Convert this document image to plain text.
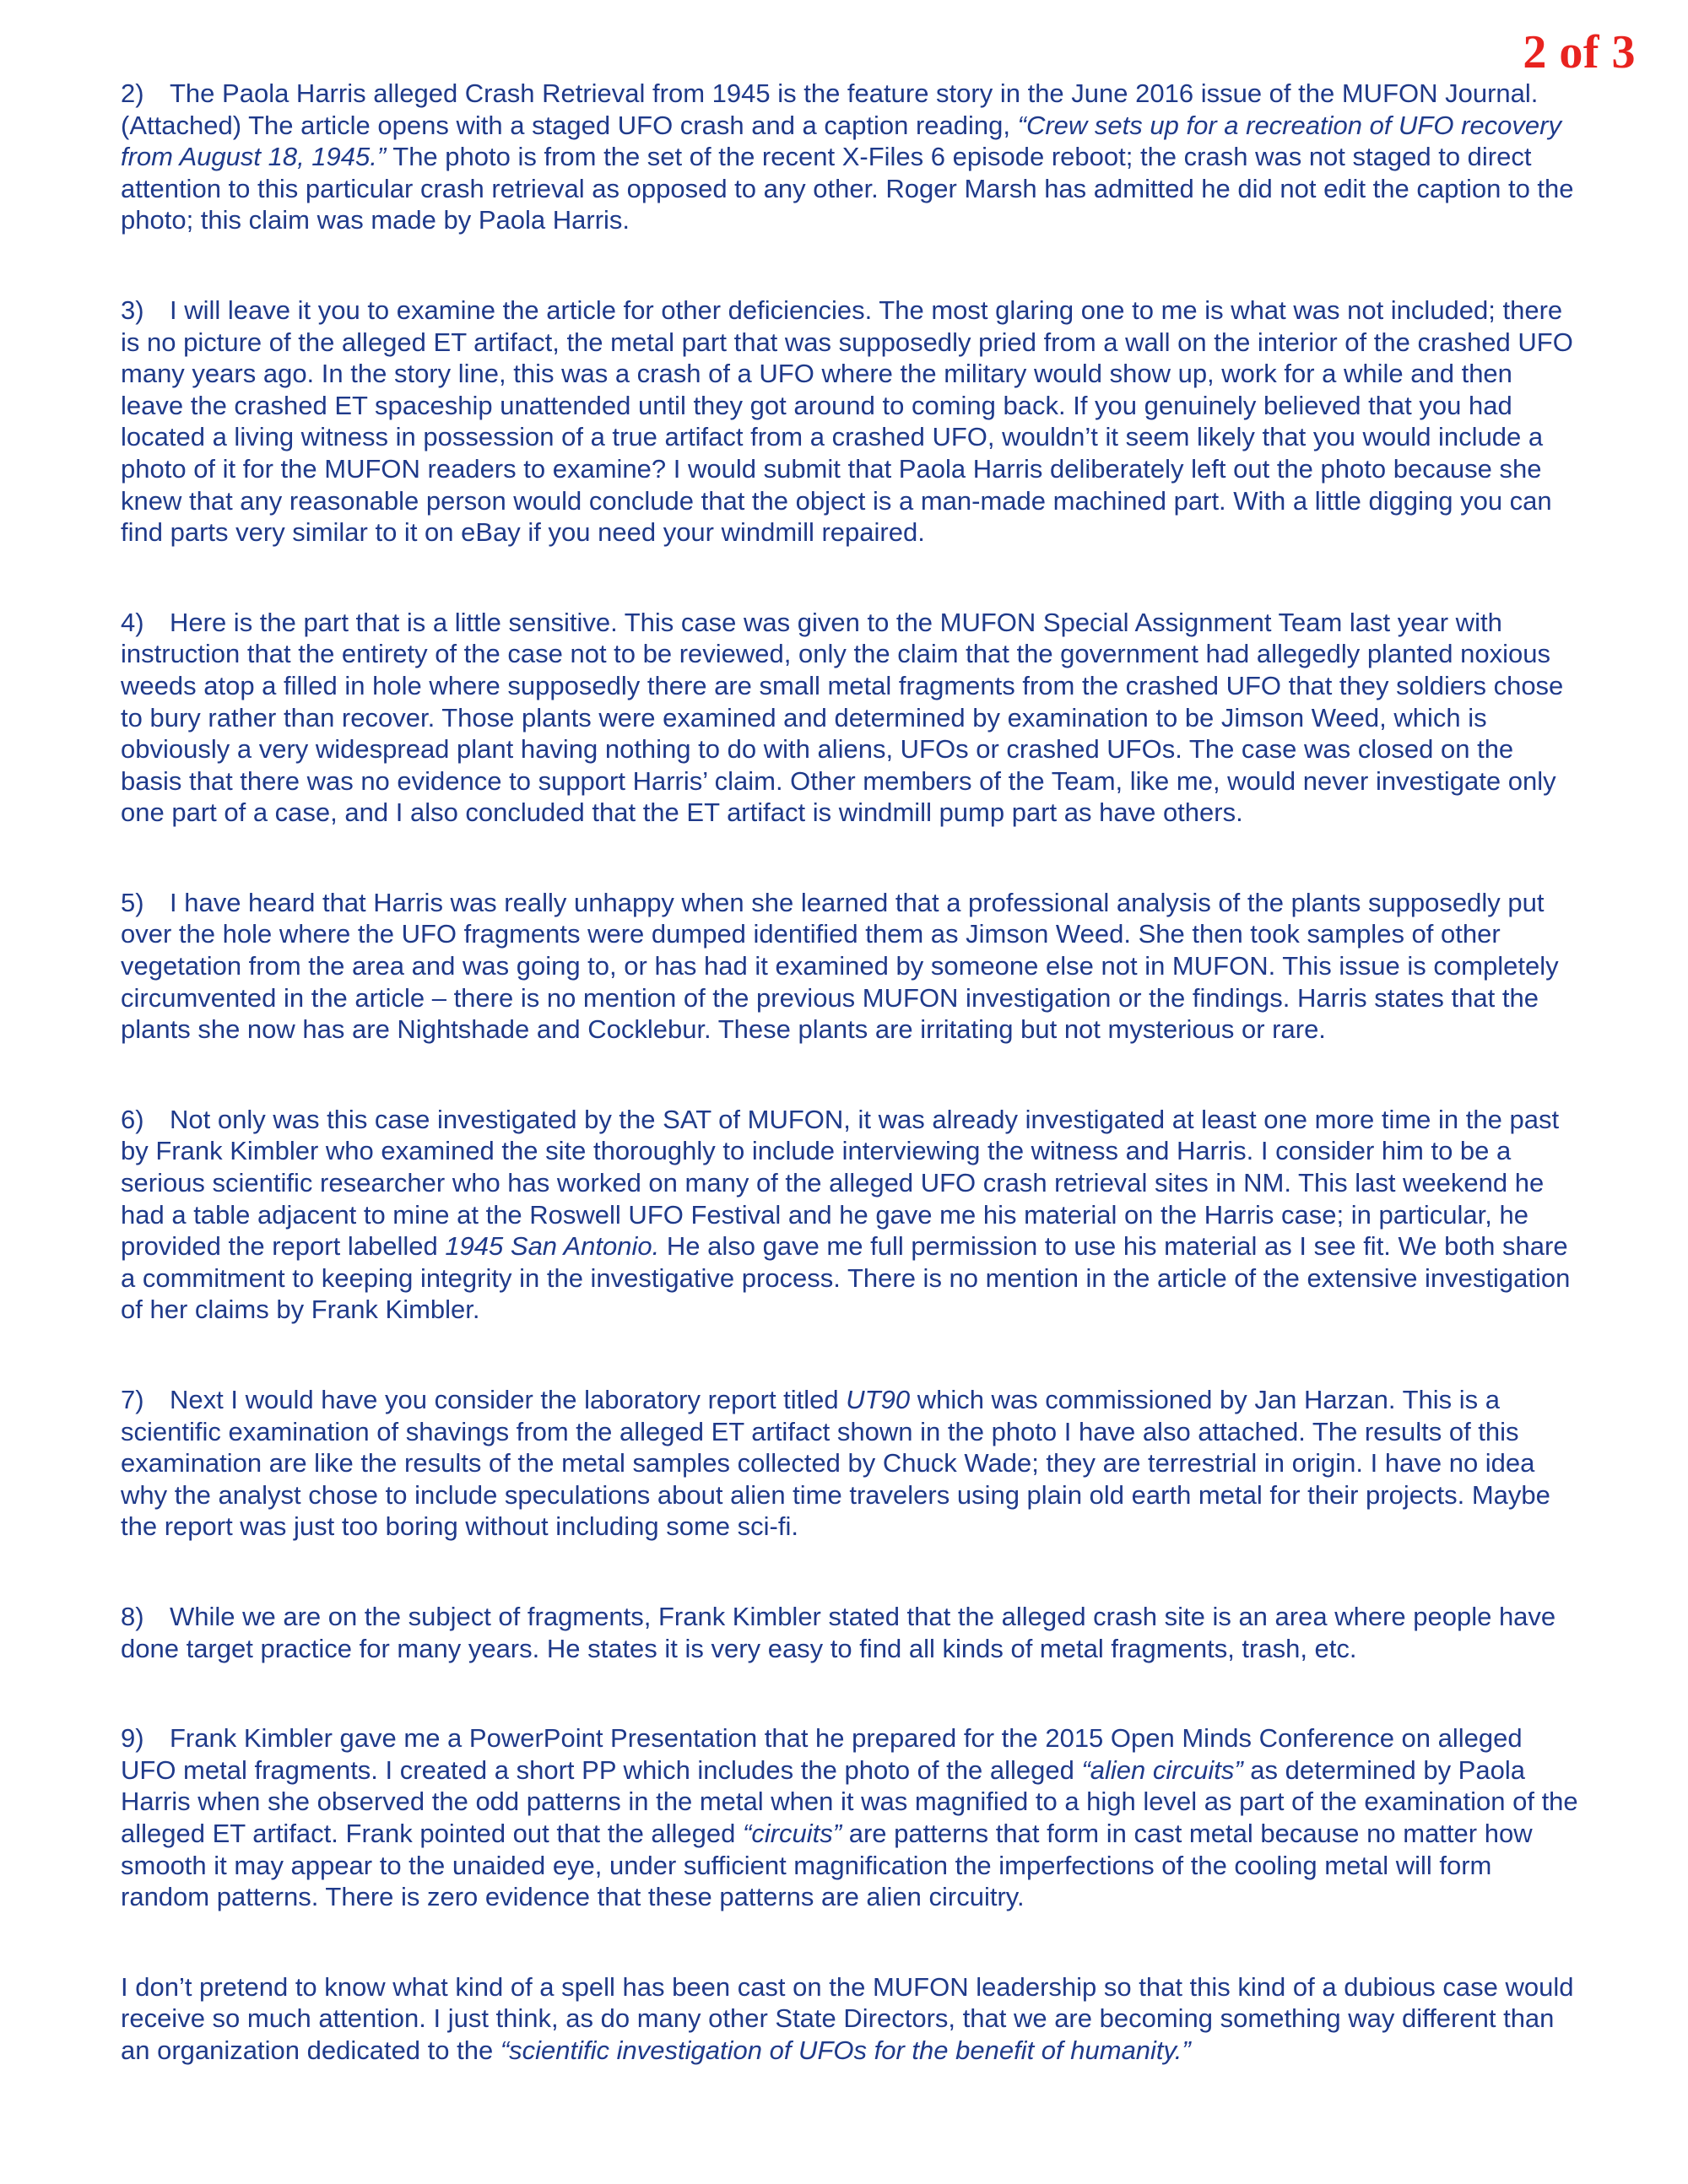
2 of 3

2) The Paola Harris alleged Crash Retrieval from 1945 is the feature story in the June 2016 issue of the MUFON Journal. (Attached) The article opens with a staged UFO crash and a caption reading, “Crew sets up for a recreation of UFO recovery from August 18, 1945.” The photo is from the set of the recent X-Files 6 episode reboot; the crash was not staged to direct attention to this particular crash retrieval as opposed to any other. Roger Marsh has admitted he did not edit the caption to the photo; this claim was made by Paola Harris.

3) I will leave it you to examine the article for other deficiencies. The most glaring one to me is what was not included; there is no picture of the alleged ET artifact, the metal part that was supposedly pried from a wall on the interior of the crashed UFO many years ago. In the story line, this was a crash of a UFO where the military would show up, work for a while and then leave the crashed ET spaceship unattended until they got around to coming back. If you genuinely believed that you had located a living witness in possession of a true artifact from a crashed UFO, wouldn’t it seem likely that you would include a photo of it for the MUFON readers to examine? I would submit that Paola Harris deliberately left out the photo because she knew that any reasonable person would conclude that the object is a man-made machined part. With a little digging you can find parts very similar to it on eBay if you need your windmill repaired.

4) Here is the part that is a little sensitive. This case was given to the MUFON Special Assignment Team last year with instruction that the entirety of the case not to be reviewed, only the claim that the government had allegedly planted noxious weeds atop a filled in hole where supposedly there are small metal fragments from the crashed UFO that they soldiers chose to bury rather than recover. Those plants were examined and determined by examination to be Jimson Weed, which is obviously a very widespread plant having nothing to do with aliens, UFOs or crashed UFOs. The case was closed on the basis that there was no evidence to support Harris’ claim. Other members of the Team, like me, would never investigate only one part of a case, and I also concluded that the ET artifact is windmill pump part as have others.

5) I have heard that Harris was really unhappy when she learned that a professional analysis of the plants supposedly put over the hole where the UFO fragments were dumped identified them as Jimson Weed. She then took samples of other vegetation from the area and was going to, or has had it examined by someone else not in MUFON. This issue is completely circumvented in the article – there is no mention of the previous MUFON investigation or the findings. Harris states that the plants she now has are Nightshade and Cocklebur. These plants are irritating but not mysterious or rare.

6) Not only was this case investigated by the SAT of MUFON, it was already investigated at least one more time in the past by Frank Kimbler who examined the site thoroughly to include interviewing the witness and Harris. I consider him to be a serious scientific researcher who has worked on many of the alleged UFO crash retrieval sites in NM. This last weekend he had a table adjacent to mine at the Roswell UFO Festival and he gave me his material on the Harris case; in particular, he provided the report labelled 1945 San Antonio. He also gave me full permission to use his material as I see fit. We both share a commitment to keeping integrity in the investigative process. There is no mention in the article of the extensive investigation of her claims by Frank Kimbler.

7) Next I would have you consider the laboratory report titled UT90 which was commissioned by Jan Harzan. This is a scientific examination of shavings from the alleged ET artifact shown in the photo I have also attached. The results of this examination are like the results of the metal samples collected by Chuck Wade; they are terrestrial in origin. I have no idea why the analyst chose to include speculations about alien time travelers using plain old earth metal for their projects. Maybe the report was just too boring without including some sci-fi.

8) While we are on the subject of fragments, Frank Kimbler stated that the alleged crash site is an area where people have done target practice for many years. He states it is very easy to find all kinds of metal fragments, trash, etc.

9) Frank Kimbler gave me a PowerPoint Presentation that he prepared for the 2015 Open Minds Conference on alleged UFO metal fragments. I created a short PP which includes the photo of the alleged “alien circuits” as determined by Paola Harris when she observed the odd patterns in the metal when it was magnified to a high level as part of the examination of the alleged ET artifact. Frank pointed out that the alleged “circuits” are patterns that form in cast metal because no matter how smooth it may appear to the unaided eye, under sufficient magnification the imperfections of the cooling metal will form random patterns. There is zero evidence that these patterns are alien circuitry.

I don’t pretend to know what kind of a spell has been cast on the MUFON leadership so that this kind of a dubious case would receive so much attention. I just think, as do many other State Directors, that we are becoming something way different than an organization dedicated to the “scientific investigation of UFOs for the benefit of humanity.”
